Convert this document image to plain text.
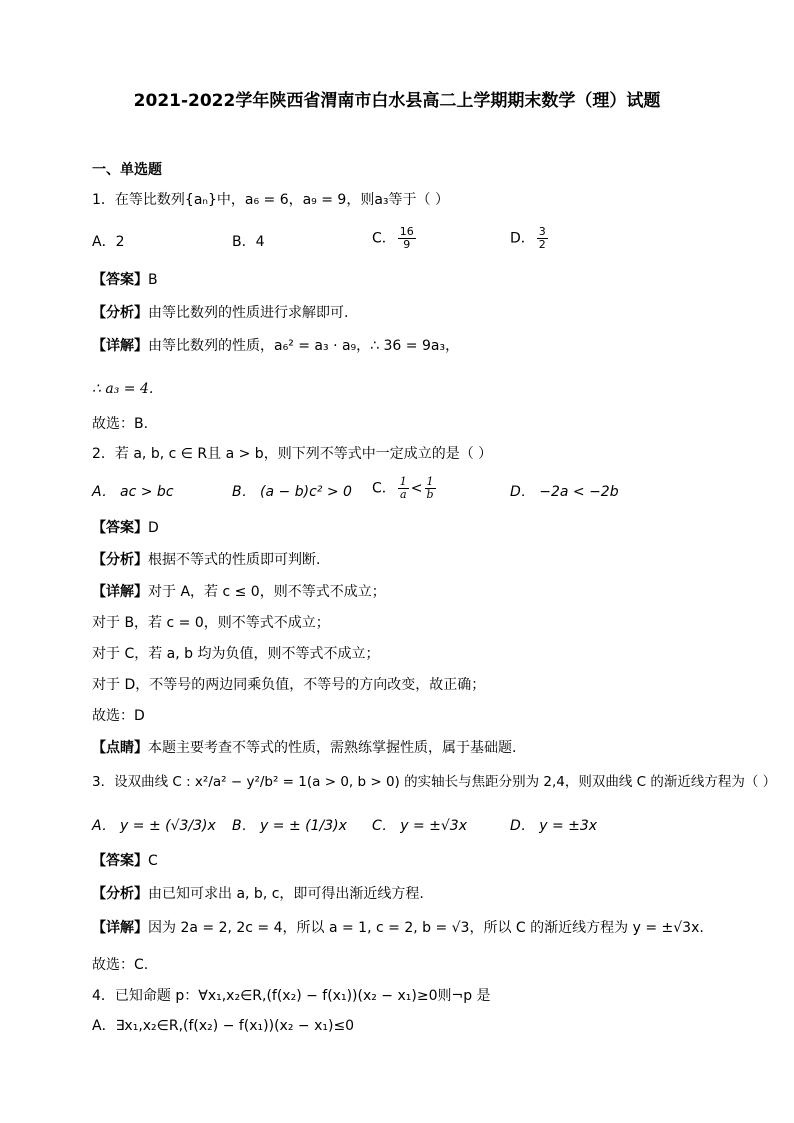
2021-2022学年陕西省渭南市白水县高二上学期期末数学（理）试题
一、单选题
1．在等比数列{aₙ}中，a₆ = 6，a₉ = 9，则a₃等于（ ）
A．2	B．4	C． $\frac{16}{9}$	D． $\frac{3}{2}$
【答案】B
【分析】由等比数列的性质进行求解即可.
【详解】由等比数列的性质，a₆² = a₃ · a₉，∴ 36 = 9a₃，
∴ a₃ = 4.
故选：B.
2．若 a, b, c ∈ R且 a > b，则下列不等式中一定成立的是（ ）
A． ac > bc	B． (a − b)c² > 0 C． $\frac{1}{a} < \frac{1}{b}$	D． −2a < −2b
【答案】D
【分析】根据不等式的性质即可判断.
【详解】对于 A，若 c ≤ 0，则不等式不成立；
对于 B，若 c = 0，则不等式不成立；
对于 C，若 a, b 均为负值，则不等式不成立；
对于 D，不等号的两边同乘负值，不等号的方向改变，故正确；
故选：D
【点睛】本题主要考查不等式的性质，需熟练掌握性质，属于基础题.
3．设双曲线 C : x²/a² − y²/b² = 1(a > 0, b > 0) 的实轴长与焦距分别为 2,4，则双曲线 C 的渐近线方程为（ ）
A． y = ± (√3/3)x B． y = ± (1/3)x C． y = ±√3x	D． y = ±3x
【答案】C
【分析】由已知可求出 a, b, c，即可得出渐近线方程.
【详解】因为 2a = 2, 2c = 4，所以 a = 1, c = 2, b = √3，所以 C 的渐近线方程为 y = ±√3x.
故选：C.
4．已知命题 p：∀x₁,x₂∈R,(f(x₂) − f(x₁))(x₂ − x₁)≥0则¬p 是
A．∃x₁,x₂∈R,(f(x₂) − f(x₁))(x₂ − x₁)≤0
